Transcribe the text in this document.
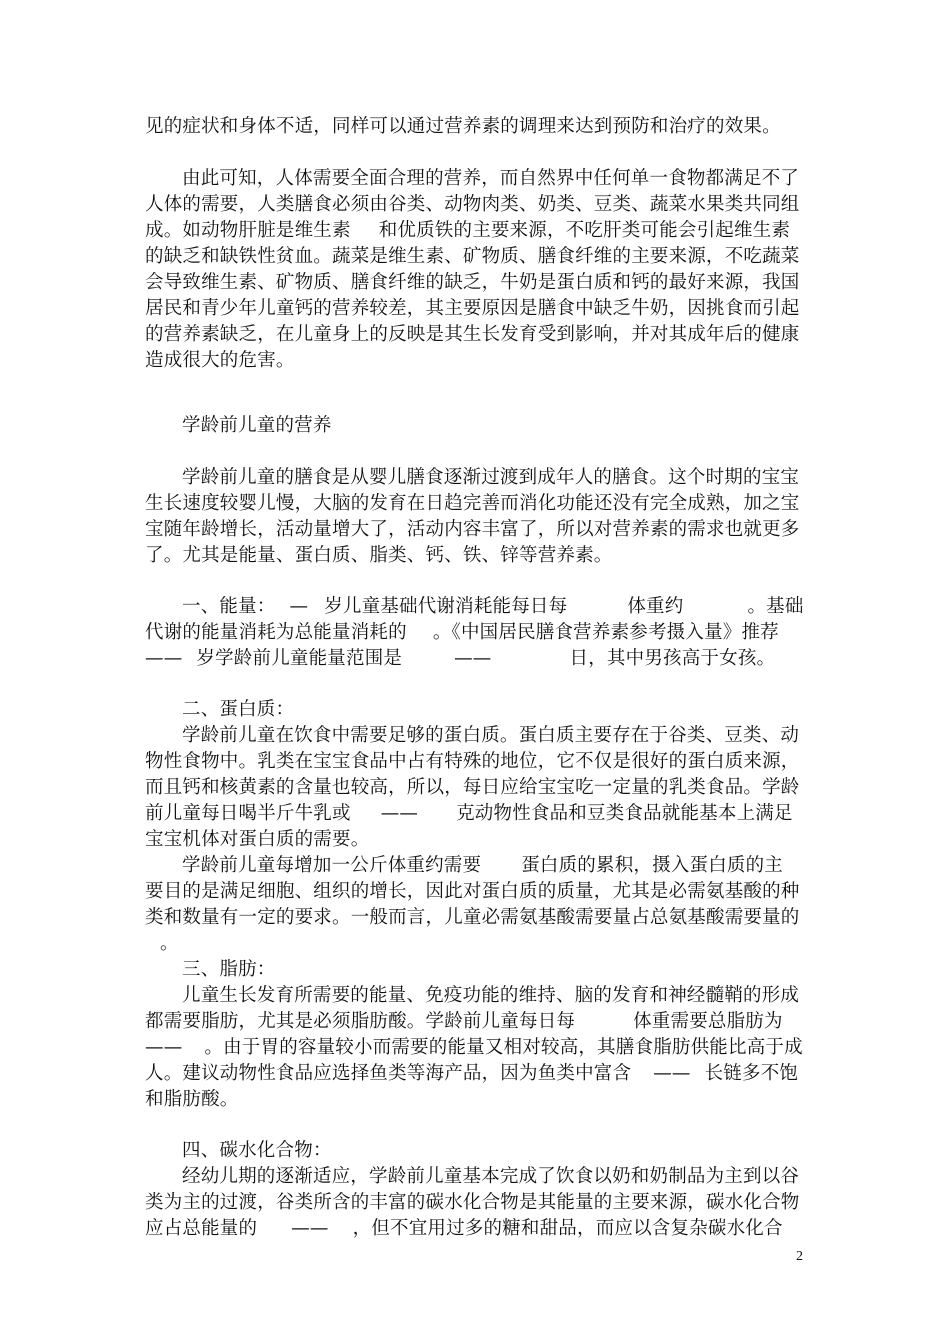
见的症状和身体不适，同样可以通过营养素的调理来达到预防和治疗的效果。
由此可知，人体需要全面合理的营养，而自然界中任何单一食物都满足不了
人体的需要，人类膳食必须由谷类、动物肉类、奶类、豆类、蔬菜水果类共同组
成。如动物肝脏是维生素 和优质铁的主要来源，不吃肝类可能会引起维生素
的缺乏和缺铁性贫血。蔬菜是维生素、矿物质、膳食纤维的主要来源，不吃蔬菜
会导致维生素、矿物质、膳食纤维的缺乏，牛奶是蛋白质和钙的最好来源，我国
居民和青少年儿童钙的营养较差，其主要原因是膳食中缺乏牛奶，因挑食而引起
的营养素缺乏，在儿童身上的反映是其生长发育受到影响，并对其成年后的健康
造成很大的危害。
学龄前儿童的营养
学龄前儿童的膳食是从婴儿膳食逐渐过渡到成年人的膳食。这个时期的宝宝
生长速度较婴儿慢，大脑的发育在日趋完善而消化功能还没有完全成熟，加之宝
宝随年龄增长，活动量增大了，活动内容丰富了，所以对营养素的需求也就更多
了。尤其是能量、蛋白质、脂类、钙、铁、锌等营养素。
一、能量： — 岁儿童基础代谢消耗能每日每	体重约	。基础
代谢的能量消耗为总能量消耗的 。《中国居民膳食营养素参考摄入量》推荐
—— 岁学龄前儿童能量范围是	——	日，其中男孩高于女孩。
二、蛋白质：
学龄前儿童在饮食中需要足够的蛋白质。蛋白质主要存在于谷类、豆类、动
物性食物中。乳类在宝宝食品中占有特殊的地位，它不仅是很好的蛋白质来源，
而且钙和核黄素的含量也较高，所以，每日应给宝宝吃一定量的乳类食品。学龄
前儿童每日喝半斤牛乳或 —— 克动物性食品和豆类食品就能基本上满足
宝宝机体对蛋白质的需要。
学龄前儿童每增加一公斤体重约需要 蛋白质的累积，摄入蛋白质的主
要目的是满足细胞、组织的增长，因此对蛋白质的质量，尤其是必需氨基酸的种
类和数量有一定的要求。一般而言，儿童必需氨基酸需要量占总氨基酸需要量的
。
三、脂肪：
儿童生长发育所需要的能量、免疫功能的维持、脑的发育和神经髓鞘的形成
都需要脂肪，尤其是必须脂肪酸。学龄前儿童每日每	体重需要总脂肪为
—— 。由于胃的容量较小而需要的能量又相对较高，其膳食脂肪供能比高于成
人。建议动物性食品应选择鱼类等海产品，因为鱼类中富含 —— 长链多不饱
和脂肪酸。
四、碳水化合物：
经幼儿期的逐渐适应，学龄前儿童基本完成了饮食以奶和奶制品为主到以谷
类为主的过渡，谷类所含的丰富的碳水化合物是其能量的主要来源，碳水化合物
应占总能量的 —— ，但不宜用过多的糖和甜品，而应以含复杂碳水化合
2
